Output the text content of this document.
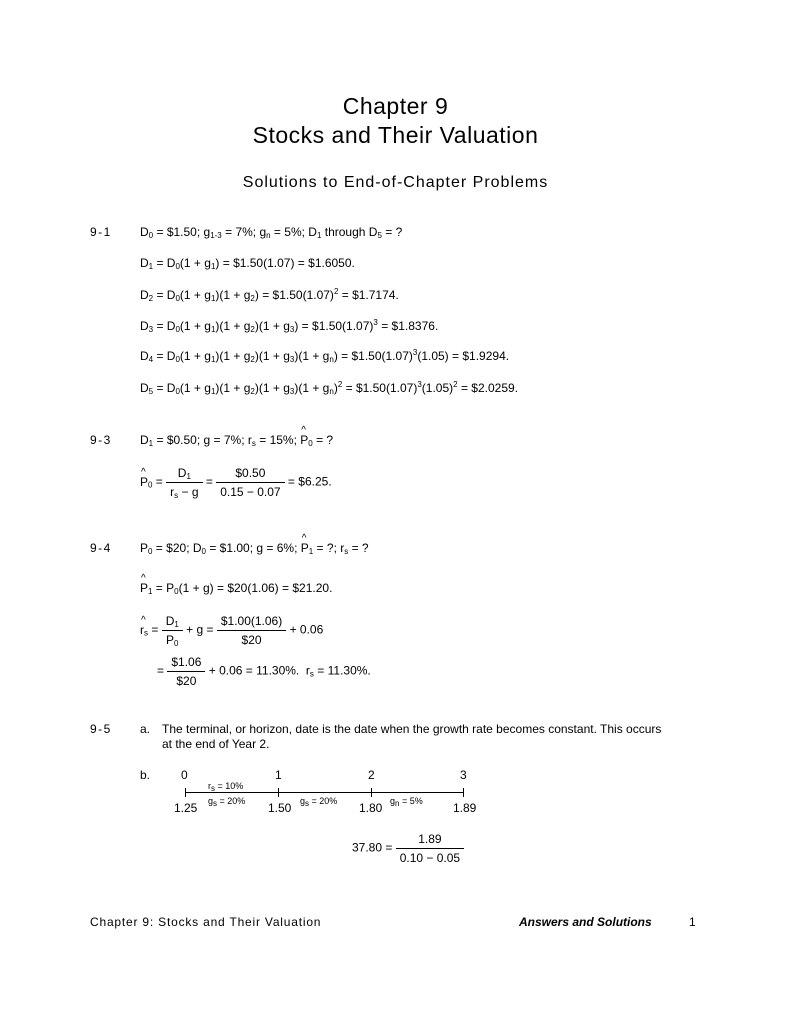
Chapter 9
Stocks and Their Valuation
Solutions to End-of-Chapter Problems
9-1 $D_0$ = $1.50; $g_{1-3} = 7\%$; $g_n = 5\%$; $D_1$ through $D_5$ = ?
$D_1 = D_0(1 + g_1)$ = $1.50(1.07) = $1.6050.
$D_2 = D_0(1 + g_1)(1 + g_2)$ = $\$1.50(1.07)^2$ = $1.7174.
$D_3 = D_0(1 + g_1)(1 + g_2)(1 + g_3)$ = $\$1.50(1.07)^3$ = $1.8376.
$D_4 = D_0(1 + g_1)(1 + g_2)(1 + g_3)(1 + g_n)$ = $\$1.50(1.07)^3(1.05)$ = $1.9294.
$D_5 = D_0(1 + g_1)(1 + g_2)(1 + g_3)(1 + g_n)^2$ = $\$1.50(1.07)^3(1.05)^2$ = $2.0259.
9-3 $D_1$ = $0.50; g = 7%; $r_s = 15\%$; ^ $P_0$ = ?
^ $P_0 = \frac{D_1}{r_s - g} = \frac{\$0.50}{0.15 - 0.07}$ = $6.25.
9-4 $P_0$ = $20; $D_0$ = $1.00; g = 6%; ^ $P_1$ = ?; $r_s$ = ?
^ $P_1 = P_0(1 + g)$ = $20(1.06) = $21.20.
^ $r_s = \frac{D_1}{P_0} + g = \frac{\$1.00(1.06)}{\$20} + 0.06$
= $\frac{\$1.06}{\$20} + 0.06 = 11.30\%$.  $r_s = 11.30\%$.
9-5 a. The terminal, or horizon, date is the date when the growth rate becomes constant. This occurs
at the end of Year 2.
b.	0	1	2	3
$r_s = 10\%$
$g_s = 20\%$	$g_s = 20\%$	$g_n = 5\%$
1.25	1.50	1.80	1.89
$37.80 = \frac{1.89}{0.10 - 0.05}$
Chapter 9: Stocks and Their Valuation	Answers and Solutions	1
